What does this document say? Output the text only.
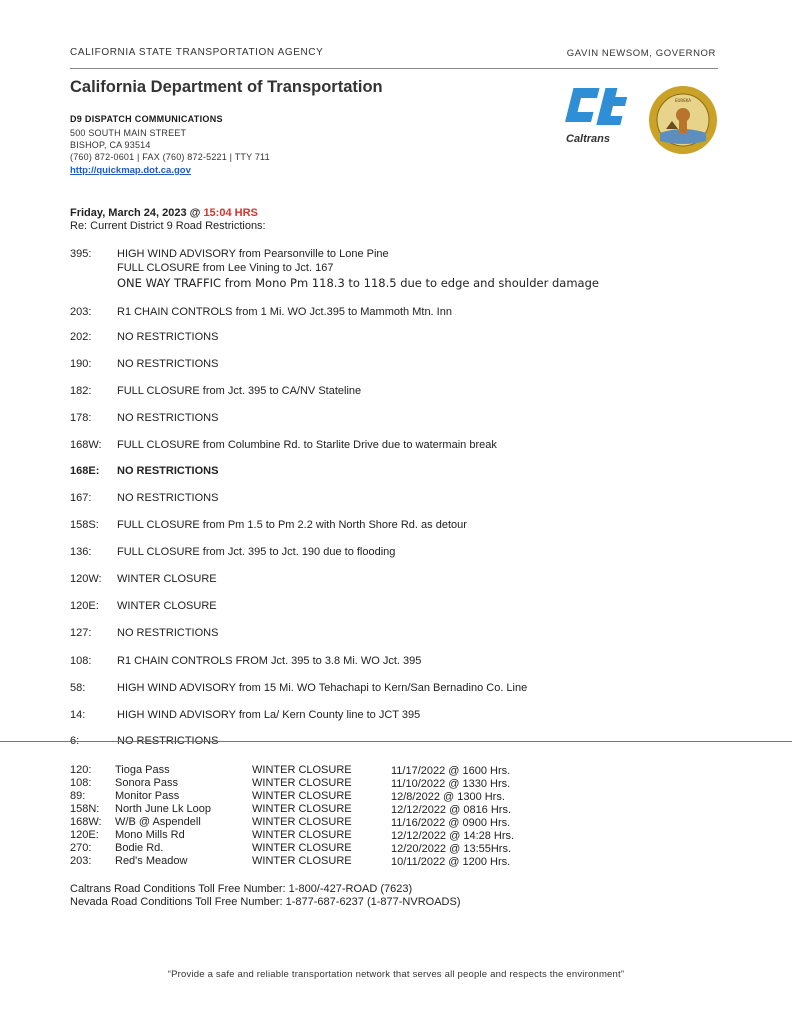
CALIFORNIA STATE TRANSPORTATION AGENCY	GAVIN NEWSOM, GOVERNOR
California Department of Transportation
D9 DISPATCH COMMUNICATIONS
500 SOUTH MAIN STREET
BISHOP, CA 93514
(760) 872-0601 | FAX (760) 872-5221 | TTY 711
http://quickmap.dot.ca.gov
Caltrans
EUREKA
Friday, March 24, 2023 @ 15:04 HRS
Re: Current District 9 Road Restrictions:
395: HIGH WIND ADVISORY from Pearsonville to Lone Pine
FULL CLOSURE from Lee Vining to Jct. 167
ONE WAY TRAFFIC from Mono Pm 118.3 to 118.5 due to edge and shoulder damage
203: R1 CHAIN CONTROLS from 1 Mi. WO Jct.395 to Mammoth Mtn. Inn
202: NO RESTRICTIONS
190: NO RESTRICTIONS
182: FULL CLOSURE from Jct. 395 to CA/NV Stateline
178: NO RESTRICTIONS
168W: FULL CLOSURE from Columbine Rd. to Starlite Drive due to watermain break
168E: NO RESTRICTIONS
167: NO RESTRICTIONS
158S: FULL CLOSURE from Pm 1.5 to Pm 2.2 with North Shore Rd. as detour
136: FULL CLOSURE from Jct. 395 to Jct. 190 due to flooding
120W: WINTER CLOSURE
120E: WINTER CLOSURE
127: NO RESTRICTIONS
108: R1 CHAIN CONTROLS FROM Jct. 395 to 3.8 Mi. WO Jct. 395
58:	HIGH WIND ADVISORY from 15 Mi. WO Tehachapi to Kern/San Bernadino Co. Line
14:	HIGH WIND ADVISORY from La/ Kern County line to JCT 395
6:	NO RESTRICTIONS
120: Tioga Pass	WINTER CLOSURE	11/17/2022 @ 1600 Hrs.
108: Sonora Pass	WINTER CLOSURE	11/10/2022 @ 1330 Hrs.
89:	Monitor Pass	WINTER CLOSURE	12/8/2022 @ 1300 Hrs.
158N: North June Lk Loop	WINTER CLOSURE	12/12/2022 @ 0816 Hrs.
168W: W/B @ Aspendell	WINTER CLOSURE	11/16/2022 @ 0900 Hrs.
120E: Mono Mills Rd	WINTER CLOSURE	12/12/2022 @ 14:28 Hrs.
270: Bodie Rd.	WINTER CLOSURE	12/20/2022 @ 13:55Hrs.
203: Red's Meadow	WINTER CLOSURE	10/11/2022 @ 1200 Hrs.
Caltrans Road Conditions Toll Free Number: 1-800/-427-ROAD (7623)
Nevada Road Conditions Toll Free Number: 1-877-687-6237 (1-877-NVROADS)
“Provide a safe and reliable transportation network that serves all people and respects the environment”
